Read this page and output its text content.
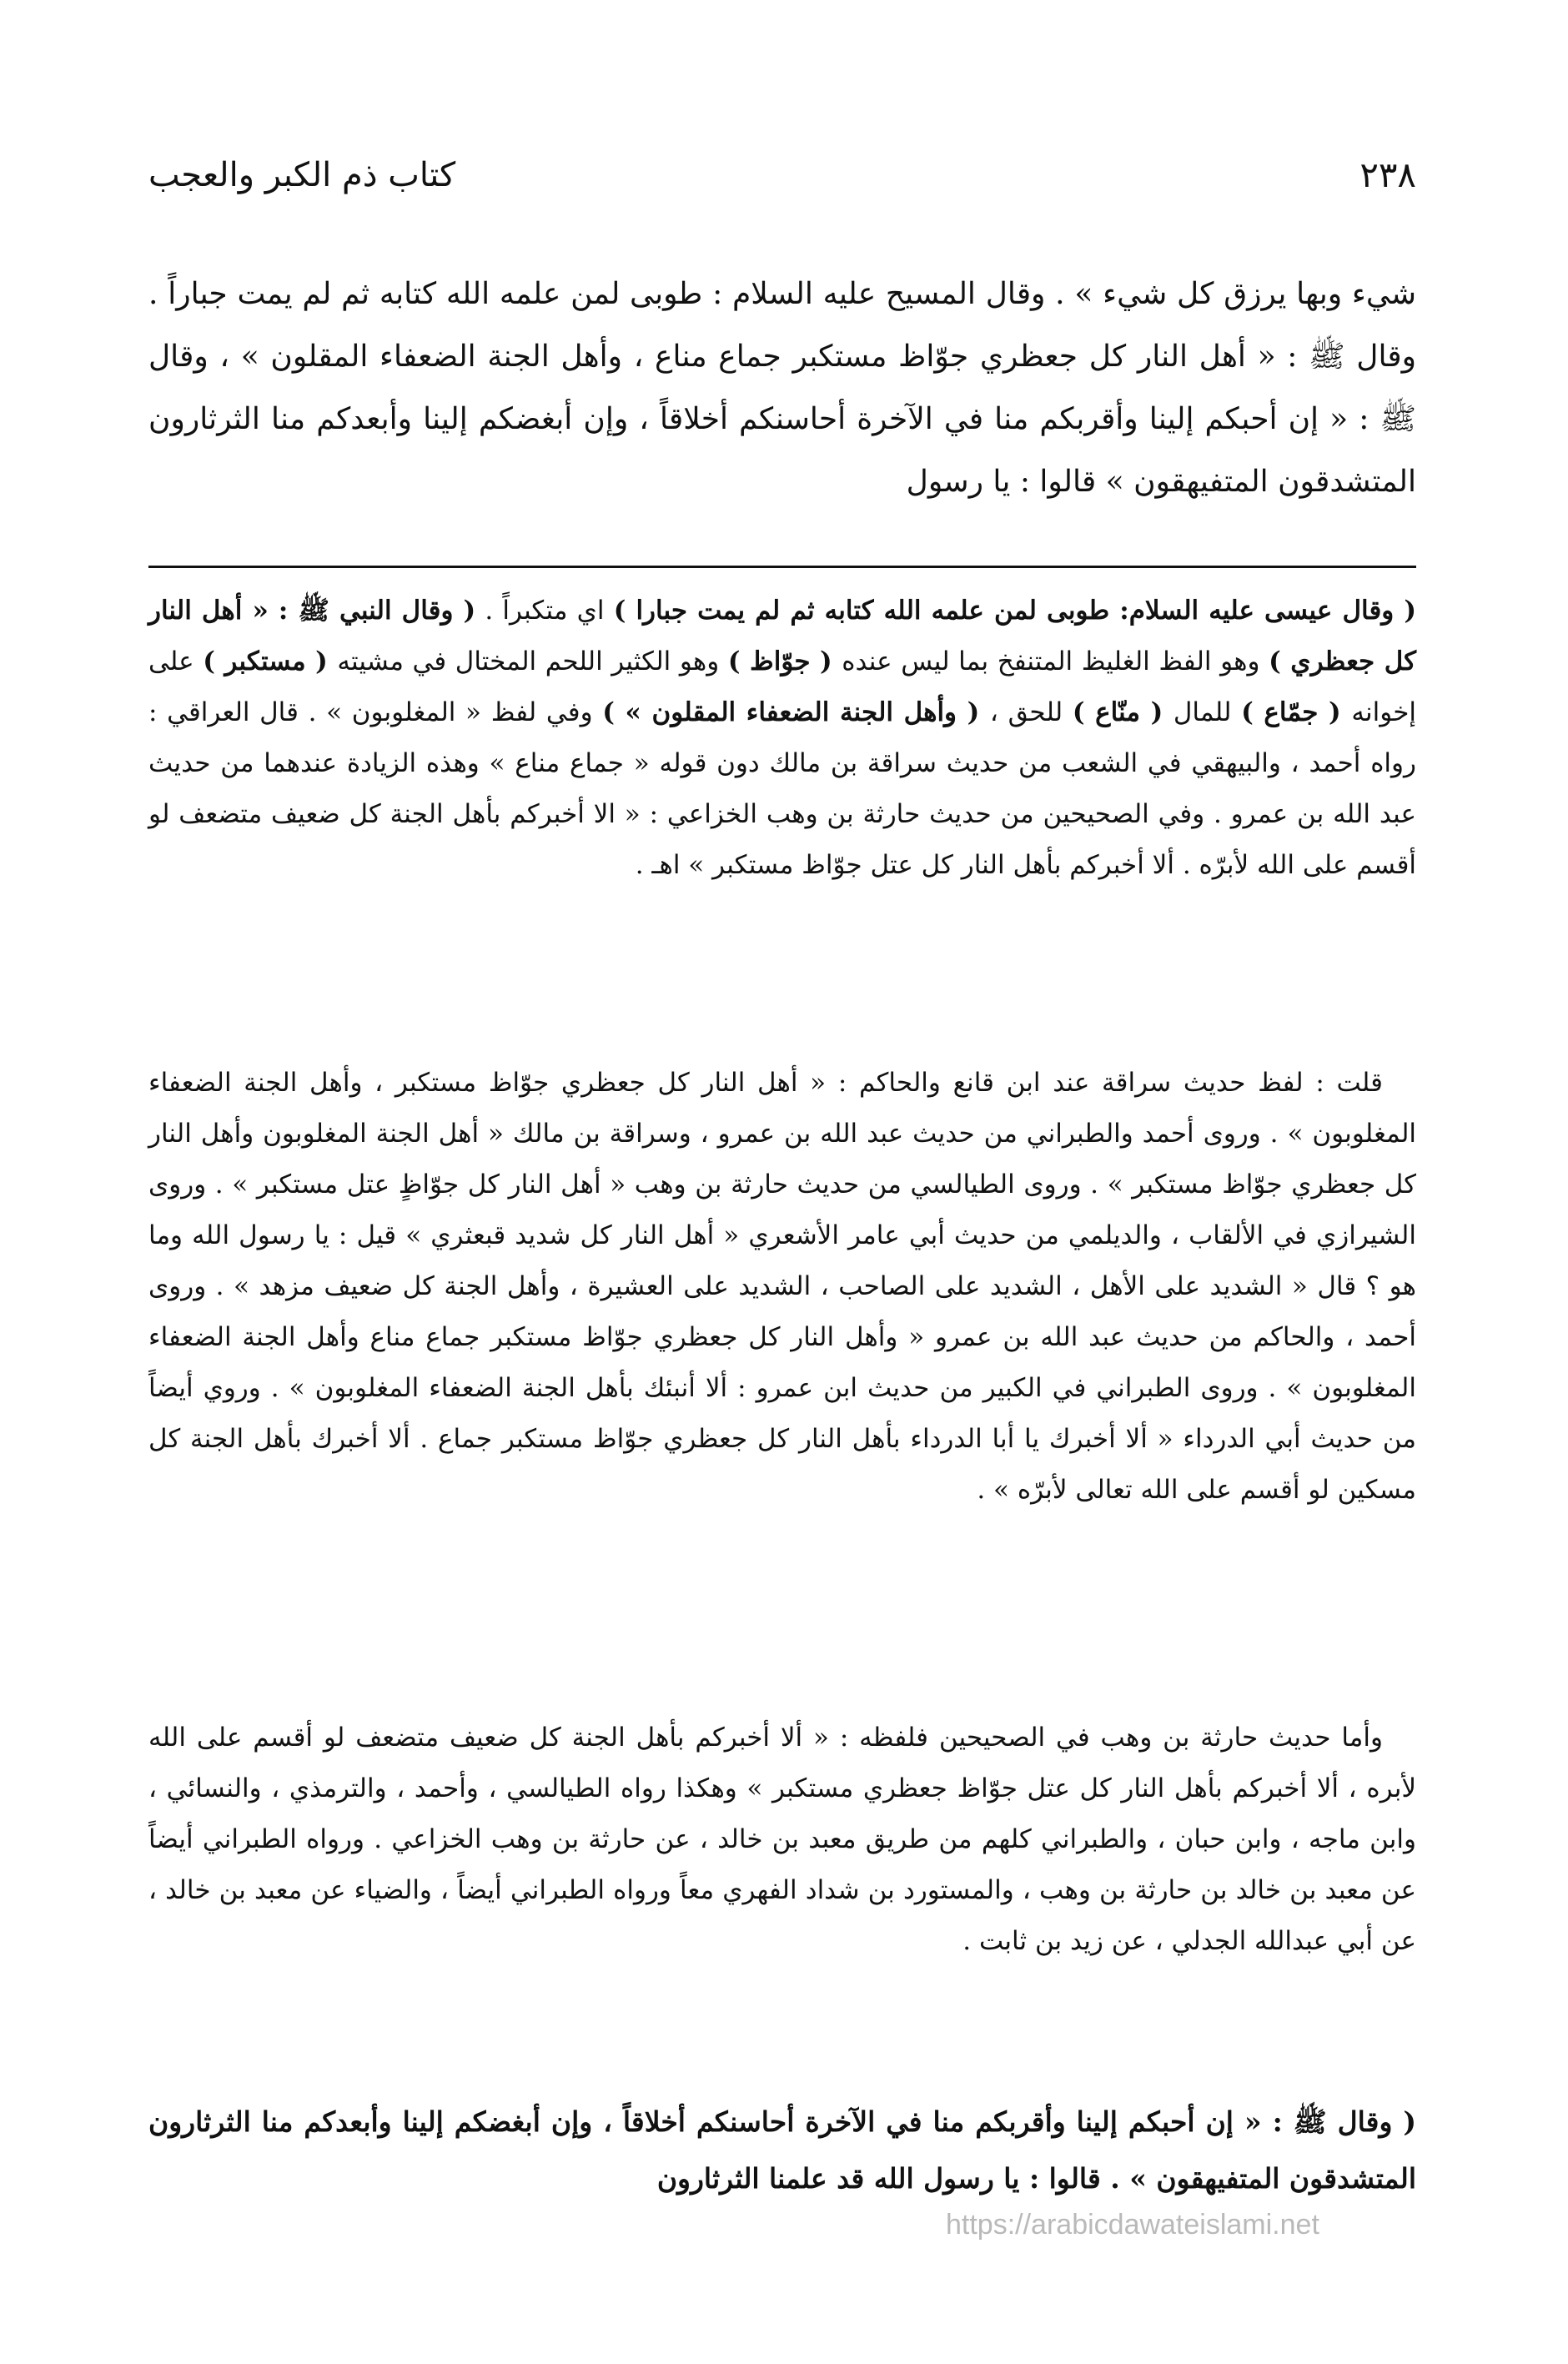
٢٣٨
كتاب ذم الكبر والعجب

شيء وبها يرزق كل شيء » . وقال المسيح عليه السلام : طوبى لمن علمه الله كتابه ثم لم يمت جباراً . وقال ﷺ : « أهل النار كل جعظري جوّاظ مستكبر جماع مناع ، وأهل الجنة الضعفاء المقلون » ، وقال ﷺ : « إن أحبكم إلينا وأقربكم منا في الآخرة أحاسنكم أخلاقاً ، وإن أبغضكم إلينا وأبعدكم منا الثرثارون المتشدقون المتفيهقون » قالوا : يا رسول

( وقال عيسى عليه السلام: طوبى لمن علمه الله كتابه ثم لم يمت جبارا ) اي متكبراً . ( وقال النبي ﷺ : « أهل النار كل جعظري ) وهو الفظ الغليظ المتنفخ بما ليس عنده ( جوّاظ ) وهو الكثير اللحم المختال في مشيته ( مستكبر ) على إخوانه ( جمّاع ) للمال ( منّاع ) للحق ، ( وأهل الجنة الضعفاء المقلون » ) وفي لفظ « المغلوبون » . قال العراقي : رواه أحمد ، والبيهقي في الشعب من حديث سراقة بن مالك دون قوله « جماع مناع » وهذه الزيادة عندهما من حديث عبد الله بن عمرو . وفي الصحيحين من حديث حارثة بن وهب الخزاعي : « الا أخبركم بأهل الجنة كل ضعيف متضعف لو أقسم على الله لأبرّه . ألا أخبركم بأهل النار كل عتل جوّاظ مستكبر » اهـ .

قلت : لفظ حديث سراقة عند ابن قانع والحاكم : « أهل النار كل جعظري جوّاظ مستكبر ، وأهل الجنة الضعفاء المغلوبون » . وروى أحمد والطبراني من حديث عبد الله بن عمرو ، وسراقة بن مالك « أهل الجنة المغلوبون وأهل النار كل جعظري جوّاظ مستكبر » . وروى الطيالسي من حديث حارثة بن وهب « أهل النار كل جوّاظٍ عتل مستكبر » . وروى الشيرازي في الألقاب ، والديلمي من حديث أبي عامر الأشعري « أهل النار كل شديد قبعثري » قيل : يا رسول الله وما هو ؟ قال « الشديد على الأهل ، الشديد على الصاحب ، الشديد على العشيرة ، وأهل الجنة كل ضعيف مزهد » . وروى أحمد ، والحاكم من حديث عبد الله بن عمرو « وأهل النار كل جعظري جوّاظ مستكبر جماع مناع وأهل الجنة الضعفاء المغلوبون » . وروى الطبراني في الكبير من حديث ابن عمرو : ألا أنبئك بأهل الجنة الضعفاء المغلوبون » . وروي أيضاً من حديث أبي الدرداء « ألا أخبرك يا أبا الدرداء بأهل النار كل جعظري جوّاظ مستكبر جماع . ألا أخبرك بأهل الجنة كل مسكين لو أقسم على الله تعالى لأبرّه » .

وأما حديث حارثة بن وهب في الصحيحين فلفظه : « ألا أخبركم بأهل الجنة كل ضعيف متضعف لو أقسم على الله لأبره ، ألا أخبركم بأهل النار كل عتل جوّاظ جعظري مستكبر » وهكذا رواه الطيالسي ، وأحمد ، والترمذي ، والنسائي ، وابن ماجه ، وابن حبان ، والطبراني كلهم من طريق معبد بن خالد ، عن حارثة بن وهب الخزاعي . ورواه الطبراني أيضاً عن معبد بن خالد بن حارثة بن وهب ، والمستورد بن شداد الفهري معاً ورواه الطبراني أيضاً ، والضياء عن معبد بن خالد ، عن أبي عبدالله الجدلي ، عن زيد بن ثابت .

( وقال ﷺ : « إن أحبكم إلينا وأقربكم منا في الآخرة أحاسنكم أخلاقاً ، وإن أبغضكم إلينا وأبعدكم منا الثرثارون المتشدقون المتفيهقون » . قالوا : يا رسول الله قد علمنا الثرثارون

https://arabicdawateislami.net
